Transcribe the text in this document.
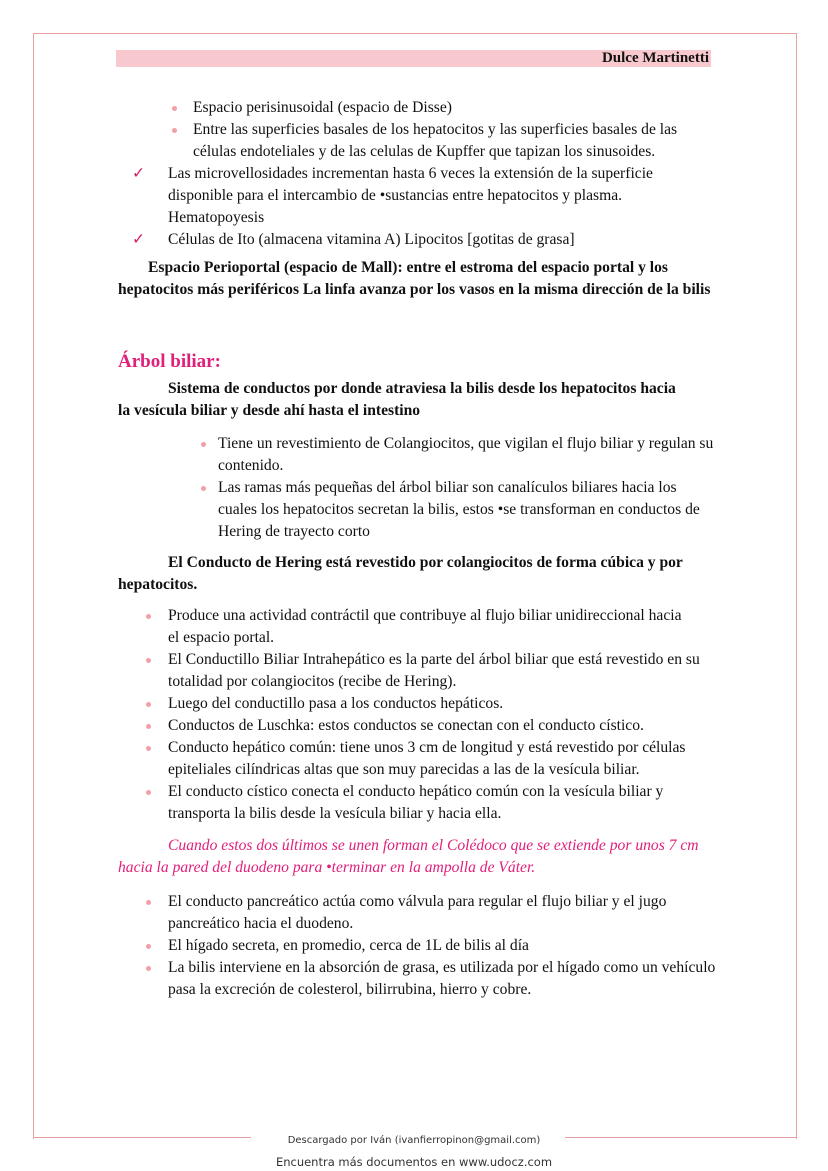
Dulce Martinetti
Espacio perisinusoidal (espacio de Disse)
Entre las superficies basales de los hepatocitos y las superficies basales de las células endoteliales y de las celulas de Kupffer que tapizan los sinusoides.
✓ Las microvellosidades incrementan hasta 6 veces la extensión de la superficie disponible para el intercambio de •sustancias entre hepatocitos y plasma. Hematopoyesis
✓ Células de Ito (almacena vitamina A) Lipocitos [gotitas de grasa]

Espacio Perioportal (espacio de Mall): entre el estroma del espacio portal y los hepatocitos más periféricos La linfa avanza por los vasos en la misma dirección de la bilis

Árbol biliar:

Sistema de conductos por donde atraviesa la bilis desde los hepatocitos hacia la vesícula biliar y desde ahí hasta el intestino

Tiene un revestimiento de Colangiocitos, que vigilan el flujo biliar y regulan su contenido.
Las ramas más pequeñas del árbol biliar son canalículos biliares hacia los cuales los hepatocitos secretan la bilis, estos •se transforman en conductos de Hering de trayecto corto

El Conducto de Hering está revestido por colangiocitos de forma cúbica y por hepatocitos.

Produce una actividad contráctil que contribuye al flujo biliar unidireccional hacia el espacio portal.
El Conductillo Biliar Intrahepático es la parte del árbol biliar que está revestido en su totalidad por colangiocitos (recibe de Hering).
Luego del conductillo pasa a los conductos hepáticos.
Conductos de Luschka: estos conductos se conectan con el conducto cístico.
Conducto hepático común: tiene unos 3 cm de longitud y está revestido por células epiteliales cilíndricas altas que son muy parecidas a las de la vesícula biliar.
El conducto cístico conecta el conducto hepático común con la vesícula biliar y transporta la bilis desde la vesícula biliar y hacia ella.

Cuando estos dos últimos se unen forman el Colédoco que se extiende por unos 7 cm hacia la pared del duodeno para •terminar en la ampolla de Váter.

El conducto pancreático actúa como válvula para regular el flujo biliar y el jugo pancreático hacia el duodeno.
El hígado secreta, en promedio, cerca de 1L de bilis al día
La bilis interviene en la absorción de grasa, es utilizada por el hígado como un vehículo pasa la excreción de colesterol, bilirrubina, hierro y cobre.
Descargado por Iván (ivanfierropinon@gmail.com)
Encuentra más documentos en www.udocz.com
